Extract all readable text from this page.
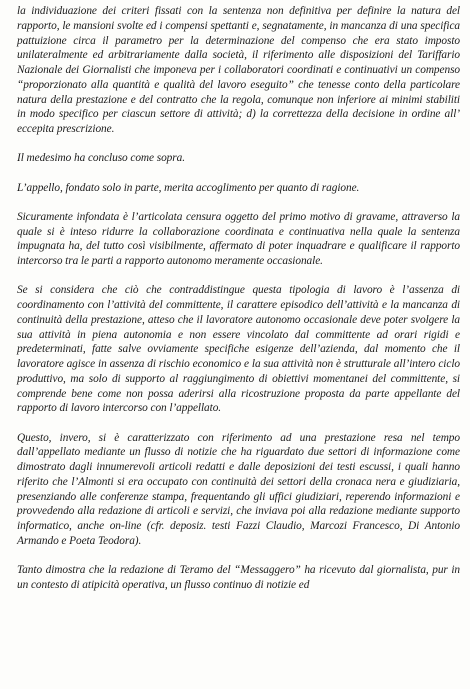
la individuazione dei criteri fissati con la sentenza non definitiva per definire la natura del rapporto, le mansioni svolte ed i compensi spettanti e, segnatamente, in mancanza di una specifica pattuizione circa il parametro per la determinazione del compenso che era stato imposto unilateralmente ed arbitrariamente dalla società, il riferimento alle disposizioni del Tariffario Nazionale dei Giornalisti che imponeva per i collaboratori coordinati e continuativi un compenso “proporzionato alla quantità e qualità del lavoro eseguito” che tenesse conto della particolare natura della prestazione e del contratto che la regola, comunque non inferiore ai minimi stabiliti in modo specifico per ciascun settore di attività; d) la correttezza della decisione in ordine all’ eccepita prescrizione.

Il medesimo ha concluso come sopra.

L’appello, fondato solo in parte, merita accoglimento per quanto di ragione.

Sicuramente infondata è l’articolata censura oggetto del primo motivo di gravame, attraverso la quale si è inteso ridurre la collaborazione coordinata e continuativa nella quale la sentenza impugnata ha, del tutto così visibilmente, affermato di poter inquadrare e qualificare il rapporto intercorso tra le parti a rapporto autonomo meramente occasionale.

Se si considera che ciò che contraddistingue questa tipologia di lavoro è l’assenza di coordinamento con l’attività del committente, il carattere episodico dell’attività e la mancanza di continuità della prestazione, atteso che il lavoratore autonomo occasionale deve poter svolgere la sua attività in piena autonomia e non essere vincolato dal committente ad orari rigidi e predeterminati, fatte salve ovviamente specifiche esigenze dell’azienda, dal momento che il lavoratore agisce in assenza di rischio economico e la sua attività non è strutturale all’intero ciclo produttivo, ma solo di supporto al raggiungimento di obiettivi momentanei del committente, si comprende bene come non possa aderirsi alla ricostruzione proposta da parte appellante del rapporto di lavoro intercorso con l’appellato.

Questo, invero, si è caratterizzato con riferimento ad una prestazione resa nel tempo dall’appellato mediante un flusso di notizie che ha riguardato due settori di informazione come dimostrato dagli innumerevoli articoli redatti e dalle deposizioni dei testi escussi, i quali hanno riferito che l’Almonti si era occupato con continuità dei settori della cronaca nera e giudiziaria, presenziando alle conferenze stampa, frequentando gli uffici giudiziari, reperendo informazioni e provvedendo alla redazione di articoli e servizi, che inviava poi alla redazione mediante supporto informatico, anche on-line (cfr. deposiz. testi Fazzi Claudio, Marcozi Francesco, Di Antonio Armando e Poeta Teodora).

Tanto dimostra che la redazione di Teramo del “Messaggero” ha ricevuto dal giornalista, pur in un contesto di atipicità operativa, un flusso continuo di notizie ed
